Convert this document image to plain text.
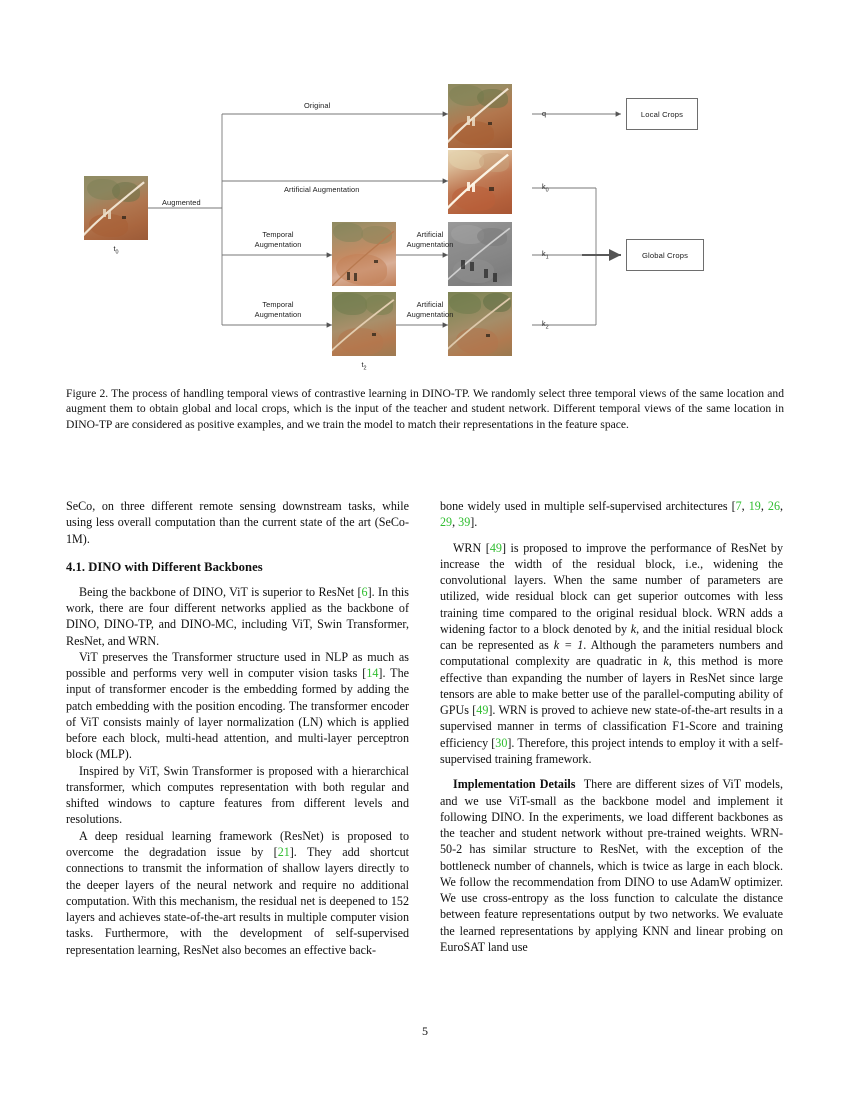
$t_0$
$t_2$
Augmented
Original
Artificial Augmentation
Temporal
Augmentation
Artificial
Augmentation
Temporal
Augmentation
Artificial
Augmentation
q
$k_0$
$k_1$
$k_2$
Local Crops
Global Crops
Figure 2. The process of handling temporal views of contrastive learning in DINO-TP. We randomly select three temporal views of the same location and augment them to obtain global and local crops, which is the input of the teacher and student network. Different temporal views of the same location in DINO-TP are considered as positive examples, and we train the model to match their representations in the feature space.

SeCo, on three different remote sensing downstream tasks, while using less overall computation than the current state of the art (SeCo-1M).

4.1. DINO with Different Backbones

Being the backbone of DINO, ViT is superior to ResNet [6]. In this work, there are four different networks applied as the backbone of DINO, DINO-TP, and DINO-MC, including ViT, Swin Transformer, ResNet, and WRN.

ViT preserves the Transformer structure used in NLP as much as possible and performs very well in computer vision tasks [14]. The input of transformer encoder is the embedding formed by adding the patch embedding with the position encoding. The transformer encoder of ViT consists mainly of layer normalization (LN) which is applied before each block, multi-head attention, and multi-layer perceptron block (MLP).

Inspired by ViT, Swin Transformer is proposed with a hierarchical transformer, which computes representation with both regular and shifted windows to capture features from different levels and resolutions.

A deep residual learning framework (ResNet) is proposed to overcome the degradation issue by [21]. They add shortcut connections to transmit the information of shallow layers directly to the deeper layers of the neural network and require no additional computation. With this mechanism, the residual net is deepened to 152 layers and achieves state-of-the-art results in multiple computer vision tasks. Furthermore, with the development of self-supervised representation learning, ResNet also becomes an effective back-

bone widely used in multiple self-supervised architectures [7, 19, 26, 29, 39].

WRN [49] is proposed to improve the performance of ResNet by increase the width of the residual block, i.e., widening the convolutional layers. When the same number of parameters are utilized, wide residual block can get superior outcomes with less training time compared to the original residual block. WRN adds a widening factor to a block denoted by k, and the initial residual block can be represented as k = 1. Although the parameters numbers and computational complexity are quadratic in k, this method is more effective than expanding the number of layers in ResNet since large tensors are able to make better use of the parallel-computing ability of GPUs [49]. WRN is proved to achieve new state-of-the-art results in a supervised manner in terms of classification F1-Score and training efficiency [30]. Therefore, this project intends to employ it with a self-supervised training framework.

Implementation Details There are different sizes of ViT models, and we use ViT-small as the backbone model and implement it following DINO. In the experiments, we load different backbones as the teacher and student network without pre-trained weights. WRN-50-2 has similar structure to ResNet, with the exception of the bottleneck number of channels, which is twice as large in each block. We follow the recommendation from DINO to use AdamW optimizer. We use cross-entropy as the loss function to calculate the distance between feature representations output by two networks. We evaluate the learned representations by applying KNN and linear probing on EuroSAT land use

5
